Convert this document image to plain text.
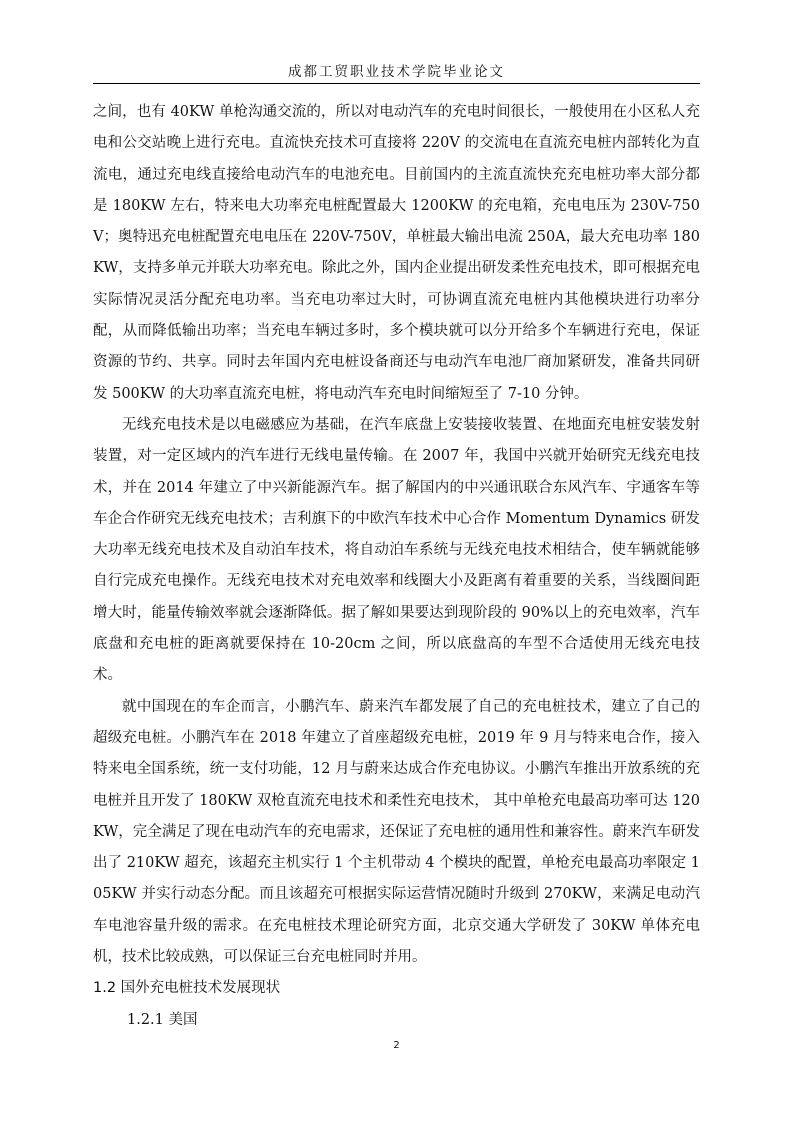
成都工贸职业技术学院毕业论文

之间，也有 40KW 单枪沟通交流的，所以对电动汽车的充电时间很长，一般使用在小区私人充电和公交站晚上进行充电。直流快充技术可直接将 220V 的交流电在直流充电桩内部转化为直流电，通过充电线直接给电动汽车的电池充电。目前国内的主流直流快充充电桩功率大部分都是 180KW 左右，特来电大功率充电桩配置最大 1200KW 的充电箱，充电电压为 230V-750V；奥特迅充电桩配置充电电压在 220V-750V，单桩最大输出电流 250A，最大充电功率 180KW，支持多单元并联大功率充电。除此之外，国内企业提出研发柔性充电技术，即可根据充电实际情况灵活分配充电功率。当充电功率过大时，可协调直流充电桩内其他模块进行功率分配，从而降低输出功率；当充电车辆过多时，多个模块就可以分开给多个车辆进行充电，保证资源的节约、共享。同时去年国内充电桩设备商还与电动汽车电池厂商加紧研发，准备共同研发 500KW 的大功率直流充电桩，将电动汽车充电时间缩短至了 7-10 分钟。

无线充电技术是以电磁感应为基础，在汽车底盘上安装接收装置、在地面充电桩安装发射装置，对一定区域内的汽车进行无线电量传输。在 2007 年，我国中兴就开始研究无线充电技术，并在 2014 年建立了中兴新能源汽车。据了解国内的中兴通讯联合东风汽车、宇通客车等车企合作研究无线充电技术；吉利旗下的中欧汽车技术中心合作 Momentum Dynamics 研发大功率无线充电技术及自动泊车技术，将自动泊车系统与无线充电技术相结合，使车辆就能够自行完成充电操作。无线充电技术对充电效率和线圈大小及距离有着重要的关系，当线圈间距增大时，能量传输效率就会逐渐降低。据了解如果要达到现阶段的 90%以上的充电效率，汽车底盘和充电桩的距离就要保持在 10-20cm 之间，所以底盘高的车型不合适使用无线充电技术。

就中国现在的车企而言，小鹏汽车、蔚来汽车都发展了自己的充电桩技术，建立了自己的超级充电桩。小鹏汽车在 2018 年建立了首座超级充电桩，2019 年 9 月与特来电合作，接入特来电全国系统，统一支付功能，12 月与蔚来达成合作充电协议。小鹏汽车推出开放系统的充电桩并且开发了 180KW 双枪直流充电技术和柔性充电技术， 其中单枪充电最高功率可达 120KW，完全满足了现在电动汽车的充电需求，还保证了充电桩的通用性和兼容性。蔚来汽车研发出了 210KW 超充，该超充主机实行 1 个主机带动 4 个模块的配置，单枪充电最高功率限定 105KW 并实行动态分配。而且该超充可根据实际运营情况随时升级到 270KW，来满足电动汽车电池容量升级的需求。在充电桩技术理论研究方面，北京交通大学研发了 30KW 单体充电机，技术比较成熟，可以保证三台充电桩同时并用。

1.2 国外充电桩技术发展现状

1.2.1 美国

2
